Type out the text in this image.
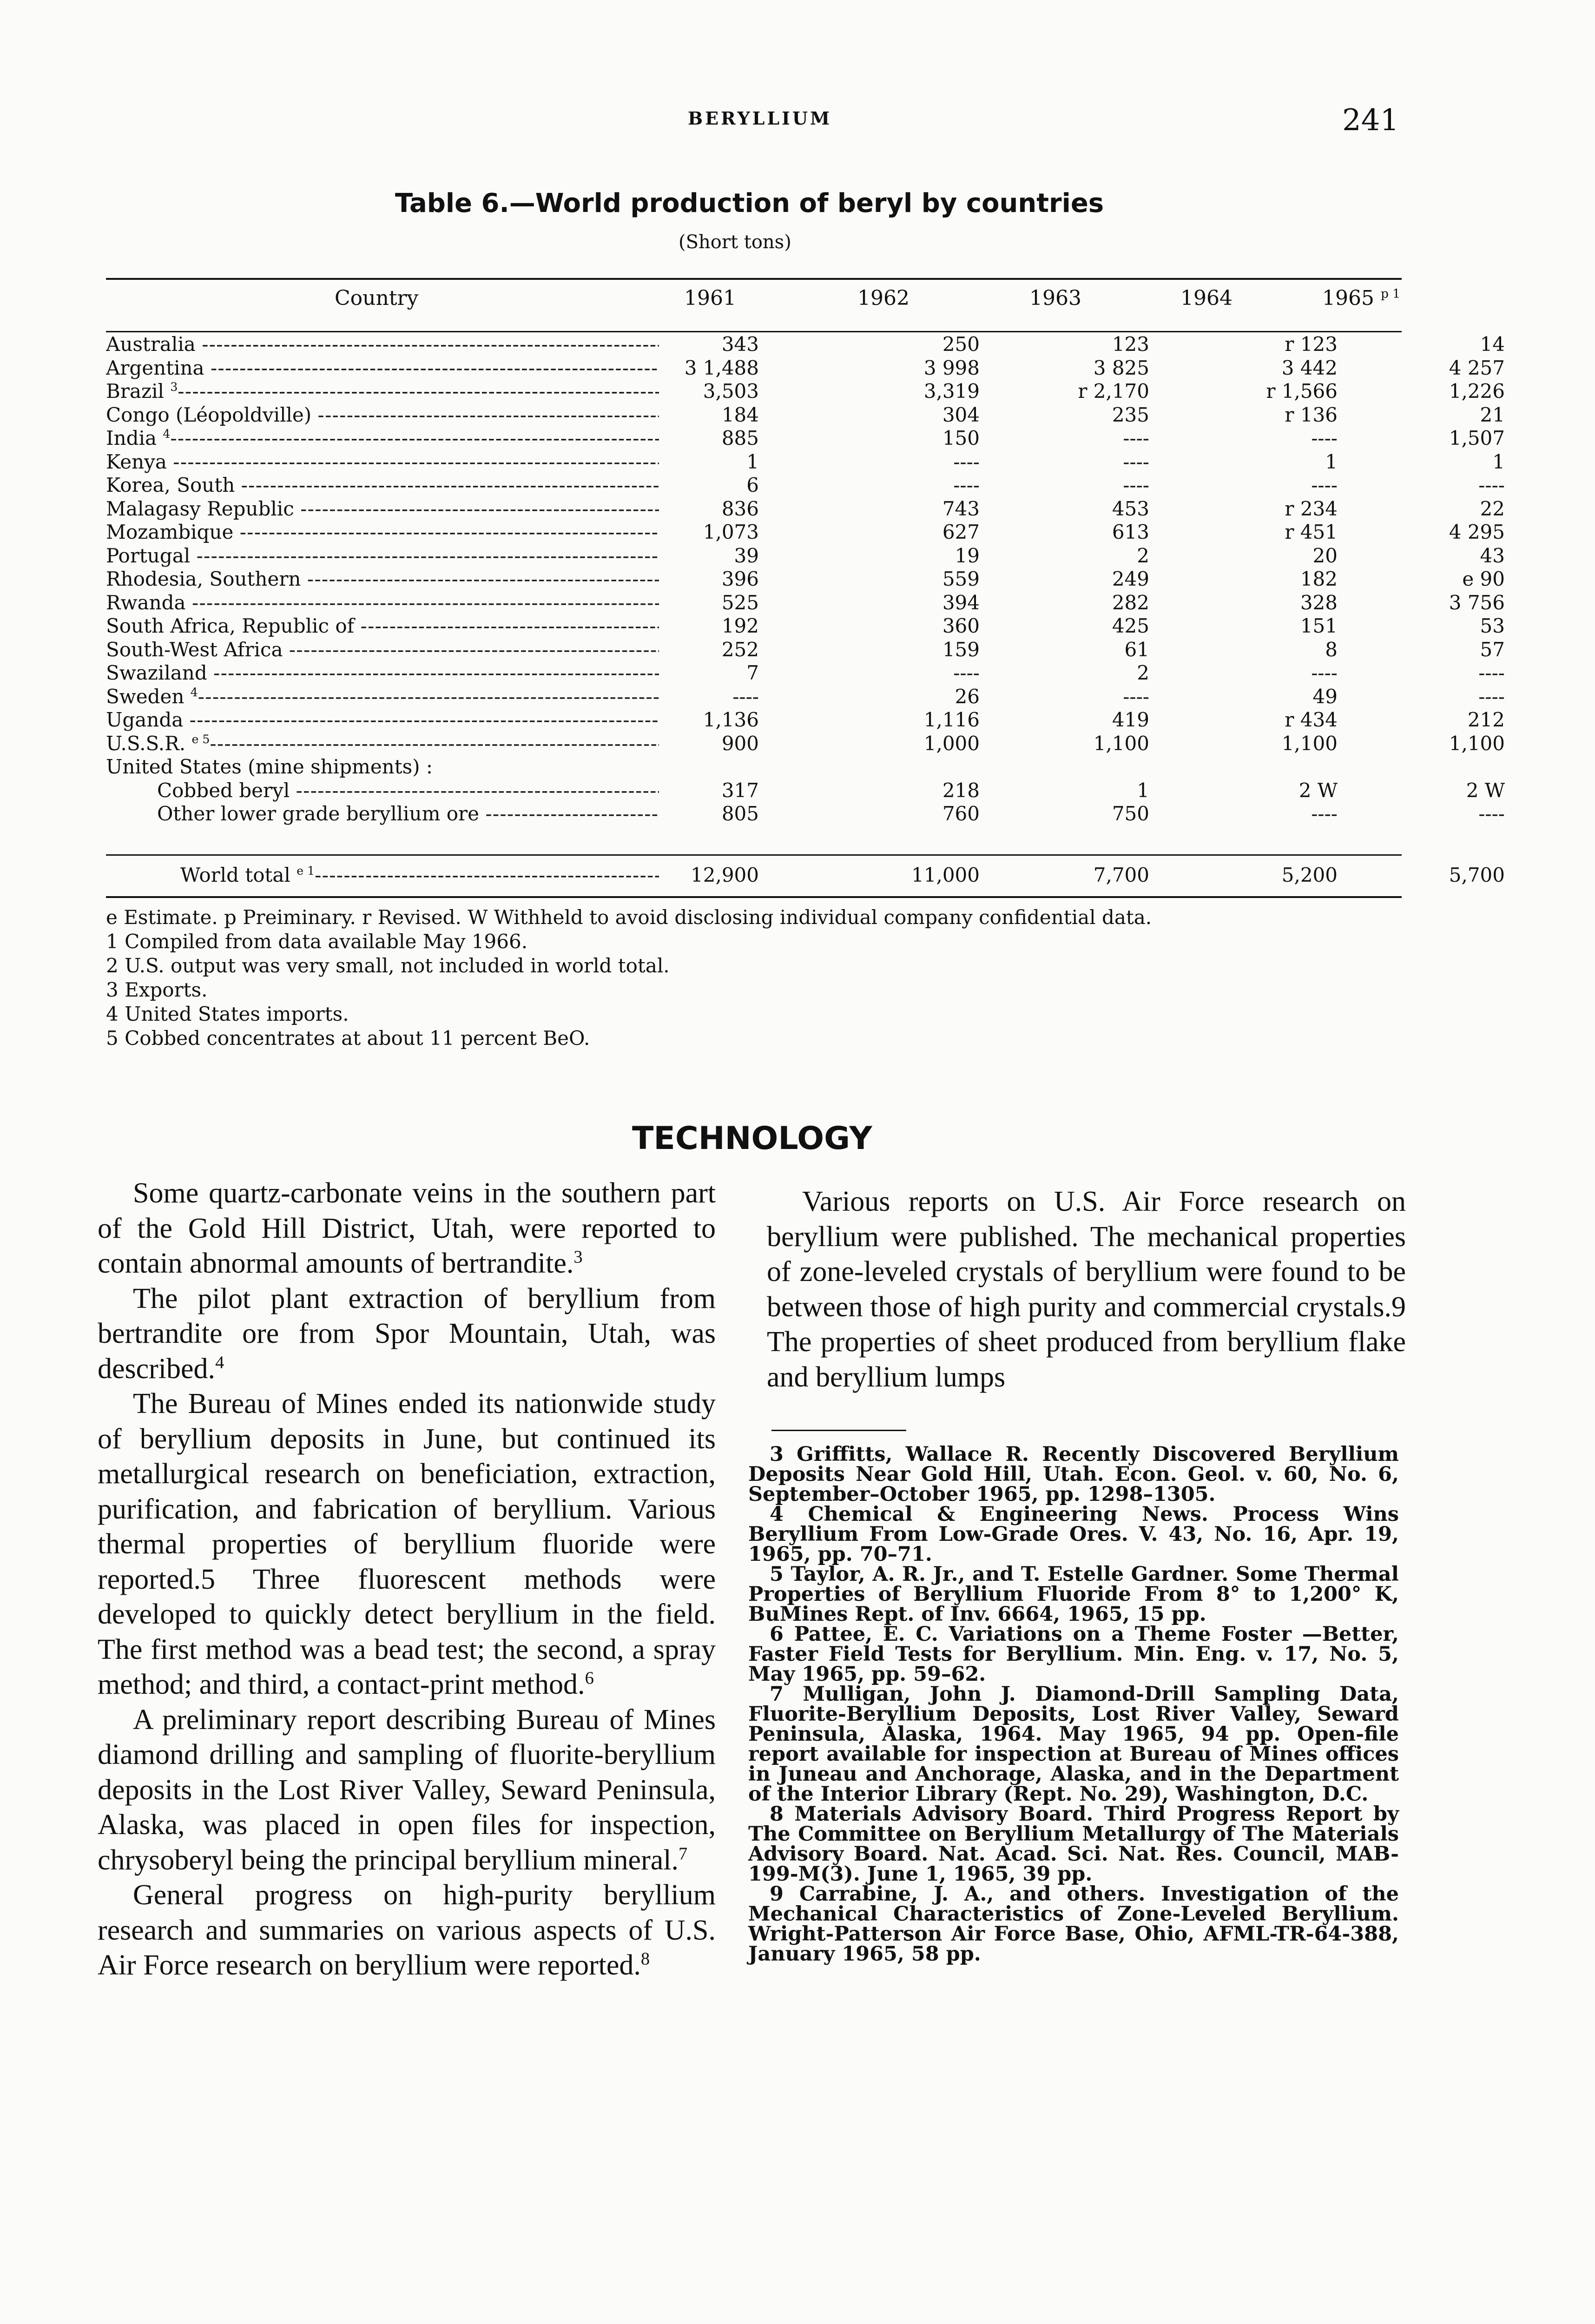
BERYLLIUM	241
Table 6.—World production of beryl by countries
(Short tons)
Country	1961	1962	1963	1964	1965 $^{p 1}$
Australia - - -	343	250	123	r 123	14
Argentina - - -	3 1,488	3 998	3 825	3 442	4 257
Brazil $^3$ - - -	3,503	3,319	r 2,170	r 1,566	1,226
Congo (Léopoldville) - - -	184	304	235	r 136	21
India $^4$ - - -	885	150	----	----	1,507
Kenya - - -	1	----	----	1	1
Korea, South - - -	6	----	----	----	----
Malagasy Republic - - -	836	743	453	r 234	22
Mozambique - - -	1,073	627	613	r 451	4 295
Portugal - - -	39	19	2	20	43
Rhodesia, Southern - - -	396	559	249	182	e 90
Rwanda - - -	525	394	282	328	3 756
South Africa, Republic of - - -	192	360	425	151	53
South-West Africa - - -	252	159	61	8	57
Swaziland - - -	7	----	2	----	----
Sweden $^4$ - - -	----	26	----	49	----
Uganda - - -	1,136	1,116	419	r 434	212
U.S.S.R. $^{e 5}$ - - -	900	1,000	1,100	1,100	1,100
United States (mine shipments) :
Cobbed beryl - - -	317	218	1	2 W	2 W
Other lower grade beryllium ore - - -	805	760	750	----	----
World total $^{e 1}$ - - -	12,900	11,000	7,700	5,200	5,700

e Estimate. p Preiminary. r Revised. W Withheld to avoid disclosing individual company confidential data.

1 Compiled from data available May 1966.

2 U.S. output was very small, not included in world total.

3 Exports.

4 United States imports.

5 Cobbed concentrates at about 11 percent BeO.

TECHNOLOGY

Some quartz-carbonate veins in the southern part of the Gold Hill District, Utah, were reported to contain abnormal amounts of bertrandite.$^3$

The pilot plant extraction of beryllium from bertrandite ore from Spor Mountain, Utah, was described.$^4$

The Bureau of Mines ended its nationwide study of beryllium deposits in June, but continued its metallurgical research on beneficiation, extraction, purification, and fabrication of beryllium. Various thermal properties of beryllium fluoride were reported.5 Three fluorescent methods were developed to quickly detect beryllium in the field. The first method was a bead test; the second, a spray method; and third, a contact-print method.$^6$

A preliminary report describing Bureau of Mines diamond drilling and sampling of fluorite-beryllium deposits in the Lost River Valley, Seward Peninsula, Alaska, was placed in open files for inspection, chrysoberyl being the principal beryllium mineral.$^7$

General progress on high-purity beryllium research and summaries on various aspects of U.S. Air Force research on beryllium were reported.$^8$

Various reports on U.S. Air Force research on beryllium were published. The mechanical properties of zone-leveled crystals of beryllium were found to be between those of high purity and commercial crystals.9 The properties of sheet produced from beryllium flake and beryllium lumps

3 Griffitts, Wallace R. Recently Discovered Beryllium Deposits Near Gold Hill, Utah. Econ. Geol. v. 60, No. 6, September–October 1965, pp. 1298–1305.

4 Chemical & Engineering News. Process Wins Beryllium From Low-Grade Ores. V. 43, No. 16, Apr. 19, 1965, pp. 70–71.

5 Taylor, A. R. Jr., and T. Estelle Gardner. Some Thermal Properties of Beryllium Fluoride From 8° to 1,200° K, BuMines Rept. of Inv. 6664, 1965, 15 pp.

6 Pattee, E. C. Variations on a Theme Foster —Better, Faster Field Tests for Beryllium. Min. Eng. v. 17, No. 5, May 1965, pp. 59–62.

7 Mulligan, John J. Diamond-Drill Sampling Data, Fluorite-Beryllium Deposits, Lost River Valley, Seward Peninsula, Alaska, 1964. May 1965, 94 pp. Open-file report available for inspection at Bureau of Mines offices in Juneau and Anchorage, Alaska, and in the Department of the Interior Library (Rept. No. 29), Washington, D.C.

8 Materials Advisory Board. Third Progress Report by The Committee on Beryllium Metallurgy of The Materials Advisory Board. Nat. Acad. Sci. Nat. Res. Council, MAB-199-M(3). June 1, 1965, 39 pp.

9 Carrabine, J. A., and others. Investigation of the Mechanical Characteristics of Zone-Leveled Beryllium. Wright-Patterson Air Force Base, Ohio, AFML-TR-64-388, January 1965, 58 pp.
